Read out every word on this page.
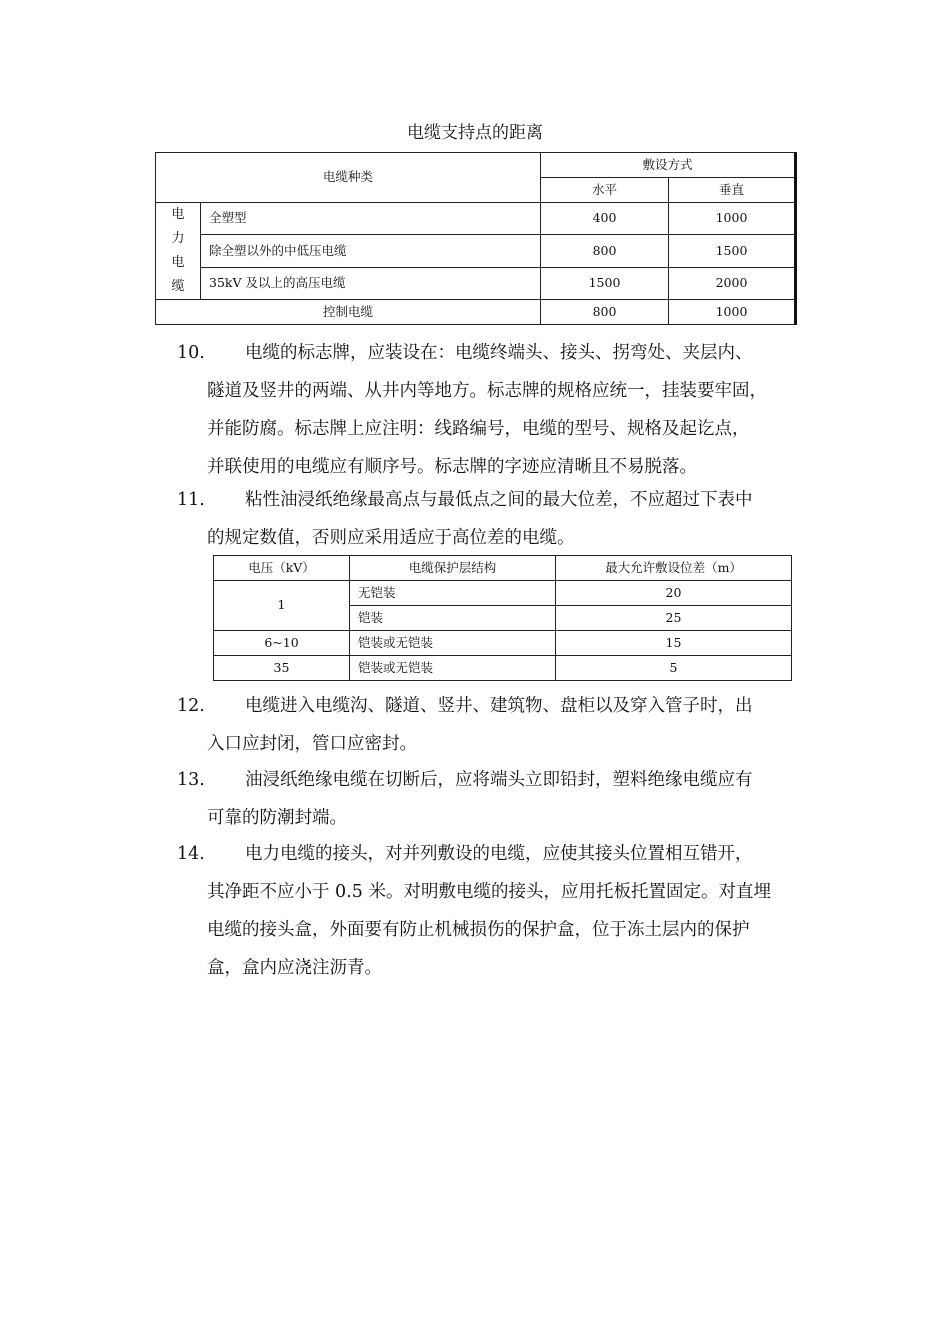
电缆支持点的距离
电缆种类		敷设方式	
		水平	垂直

电
力
电
缆	全塑型	400	1000
	除全塑以外的中低压电缆	800	1500
	35kV 及以上的高压电缆	1500	2000
控制电缆		800	1000
10. 电缆的标志牌，应装设在：电缆终端头、接头、拐弯处、夹层内、
隧道及竖井的两端、从井内等地方。标志牌的规格应统一，挂装要牢固，
并能防腐。标志牌上应注明：线路编号，电缆的型号、规格及起讫点，
并联使用的电缆应有顺序号。标志牌的字迹应清晰且不易脱落。
11. 粘性油浸纸绝缘最高点与最低点之间的最大位差，不应超过下表中
的规定数值，否则应采用适应于高位差的电缆。
电压（kV）	电缆保护层结构	最大允许敷设位差（m）
1	无铠装	20
	铠装	25
6~10	铠装或无铠装	15
35	铠装或无铠装	5
12. 电缆进入电缆沟、隧道、竖井、建筑物、盘柜以及穿入管子时，出
入口应封闭，管口应密封。
13. 油浸纸绝缘电缆在切断后，应将端头立即铅封，塑料绝缘电缆应有
可靠的防潮封端。
14. 电力电缆的接头，对并列敷设的电缆，应使其接头位置相互错开，
其净距不应小于 0.5 米。对明敷电缆的接头，应用托板托置固定。对直埋
电缆的接头盒，外面要有防止机械损伤的保护盒，位于冻土层内的保护
盒，盒内应浇注沥青。
